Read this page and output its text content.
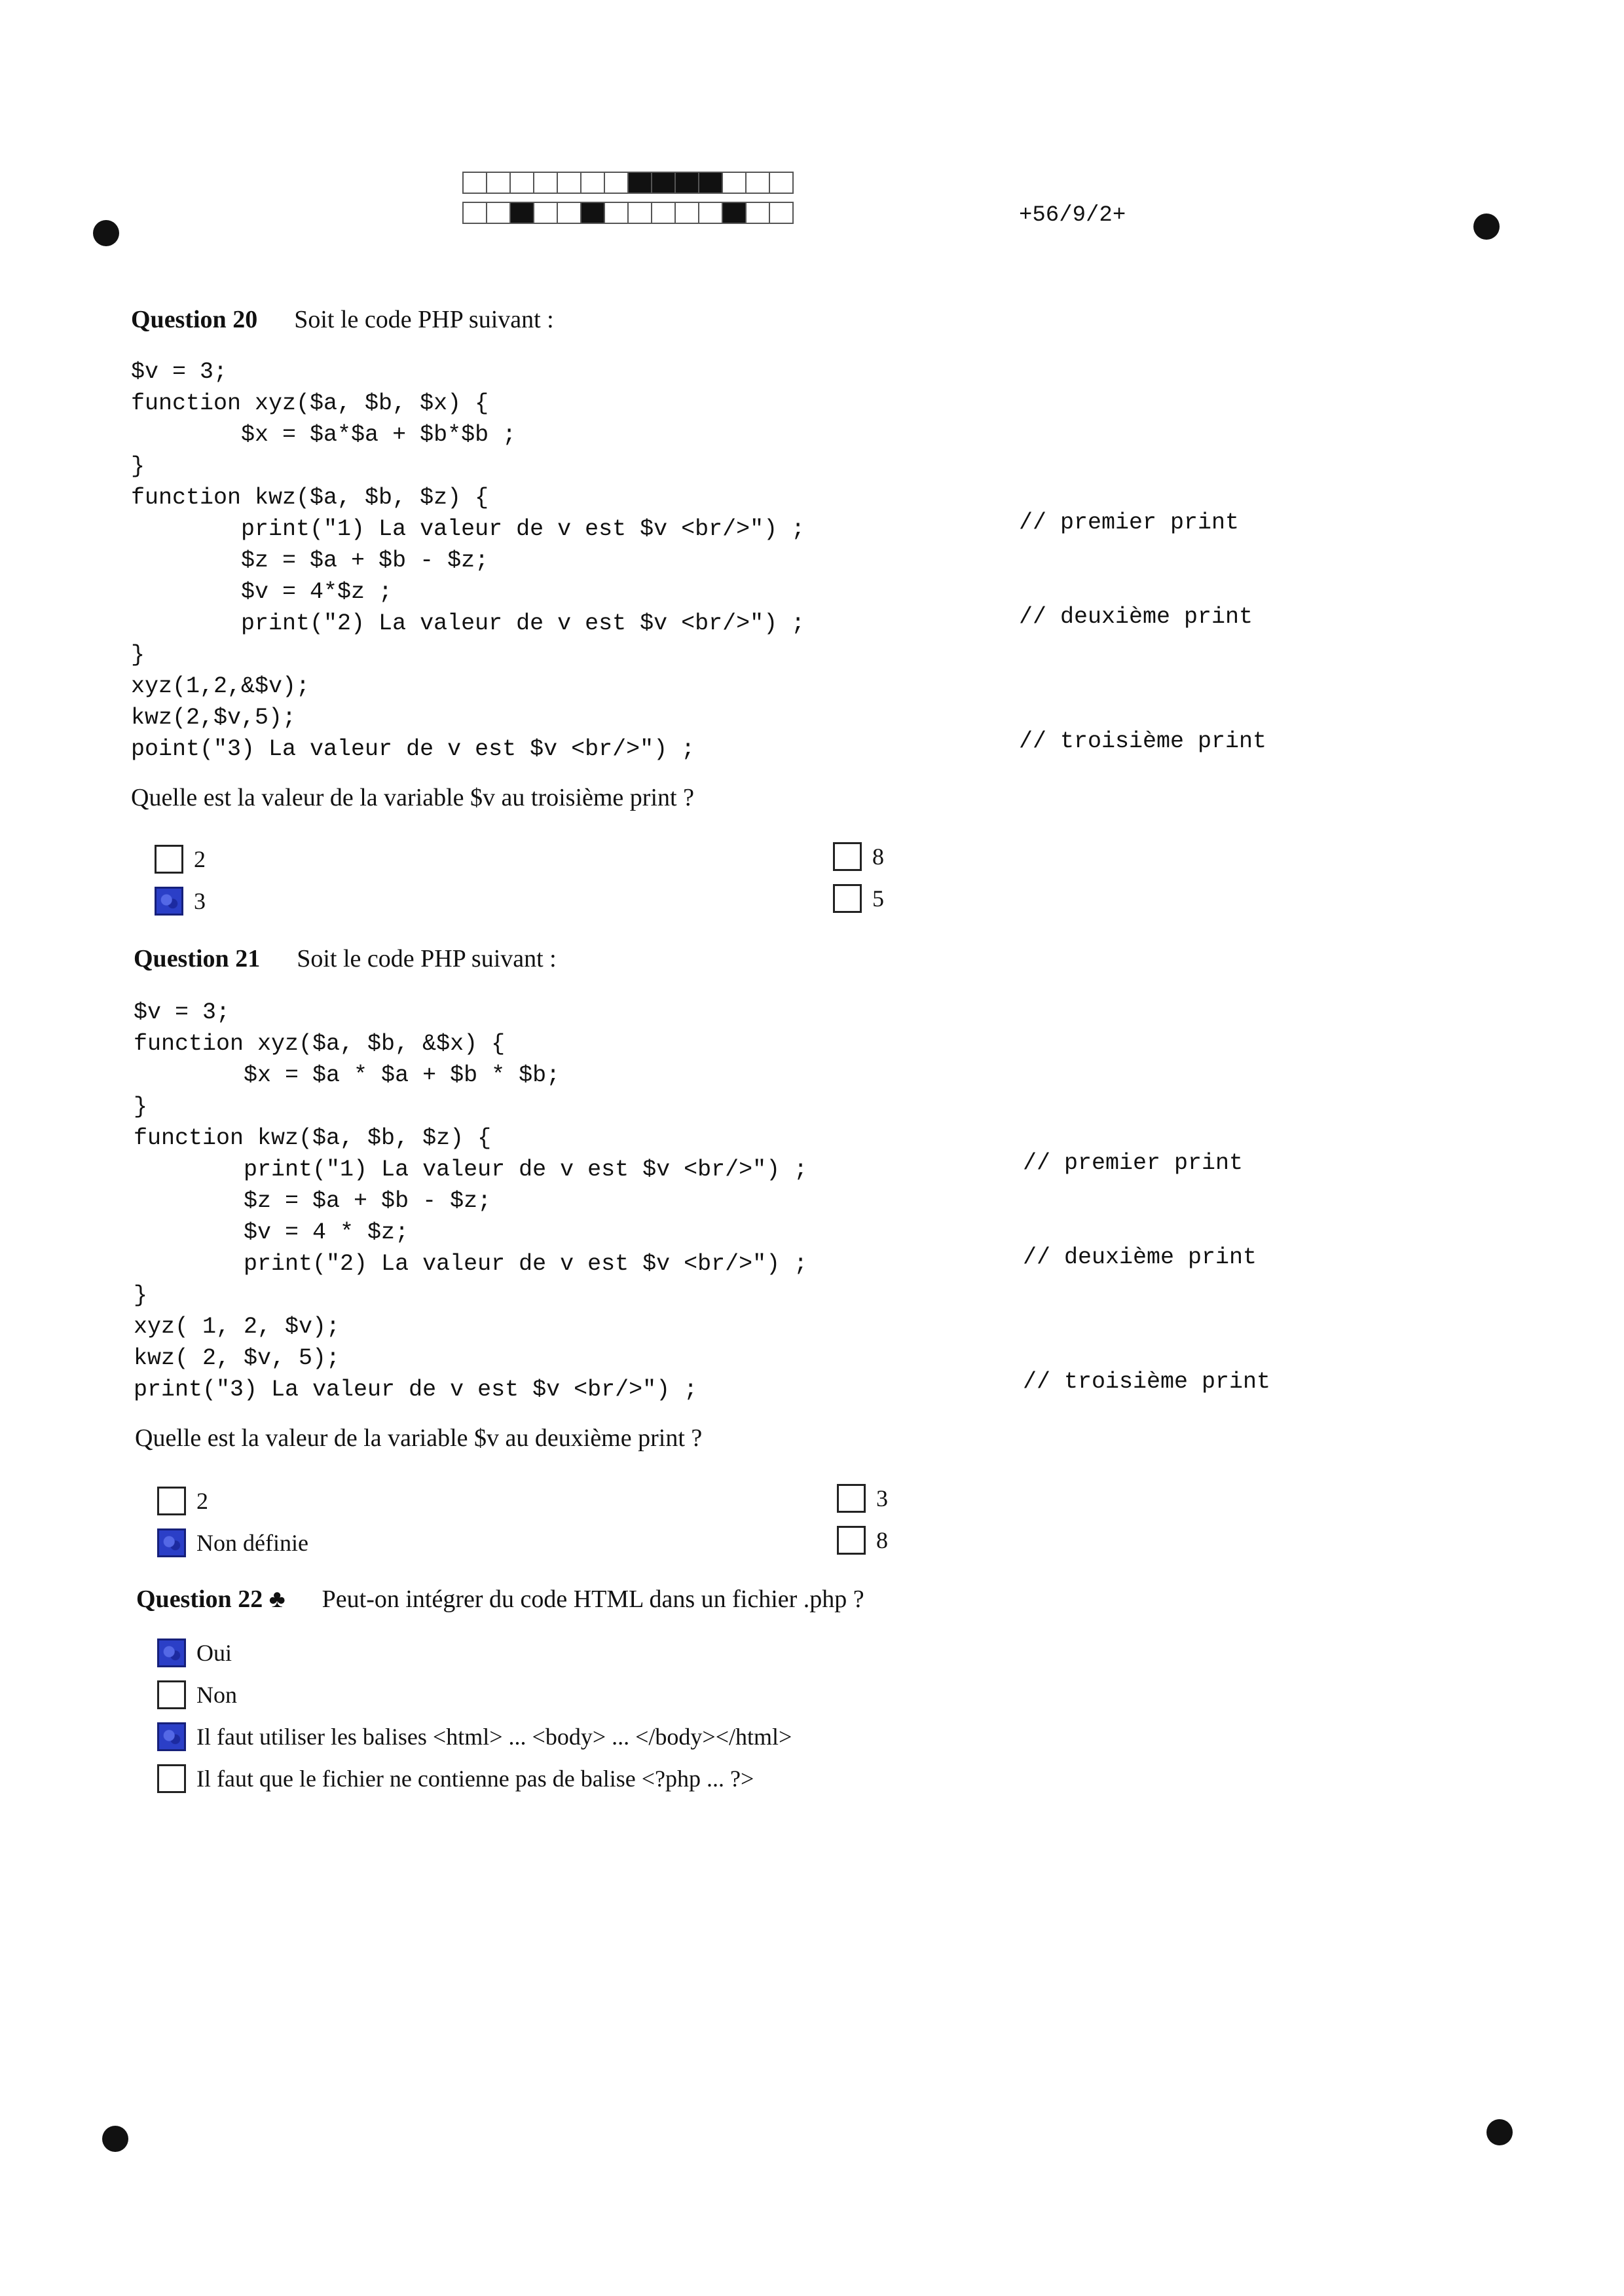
+56/9/2+
Question 20 Soit le code PHP suivant :
$v = 3;
function xyz($a, $b, $x) {
$x = $a*$a + $b*$b ;
}
function kwz($a, $b, $z) {
print("1) La valeur de v est $v <br/>") ;
$z = $a + $b - $z;
$v = 4*$z ;
print("2) La valeur de v est $v <br/>") ;
}
xyz(1,2,&$v);
kwz(2,$v,5);
point("3) La valeur de v est $v <br/>") ;
// premier print
// deuxième print
// troisième print
Quelle est la valeur de la variable $v au troisième print ?
2
3
8
5
Question 21 Soit le code PHP suivant :
$v = 3;
function xyz($a, $b, &$x) {
$x = $a * $a + $b * $b;
}
function kwz($a, $b, $z) {
print("1) La valeur de v est $v <br/>") ;
$z = $a + $b - $z;
$v = 4 * $z;
print("2) La valeur de v est $v <br/>") ;
}
xyz( 1, 2, $v);
kwz( 2, $v, 5);
print("3) La valeur de v est $v <br/>") ;
// premier print
// deuxième print
// troisième print
Quelle est la valeur de la variable $v au deuxième print ?
2
Non définie
3
8
Question 22 ♣ Peut-on intégrer du code HTML dans un fichier .php ?
Oui
Non
Il faut utiliser les balises <html> ... <body> ... </body></html>
Il faut que le fichier ne contienne pas de balise <?php ... ?>
